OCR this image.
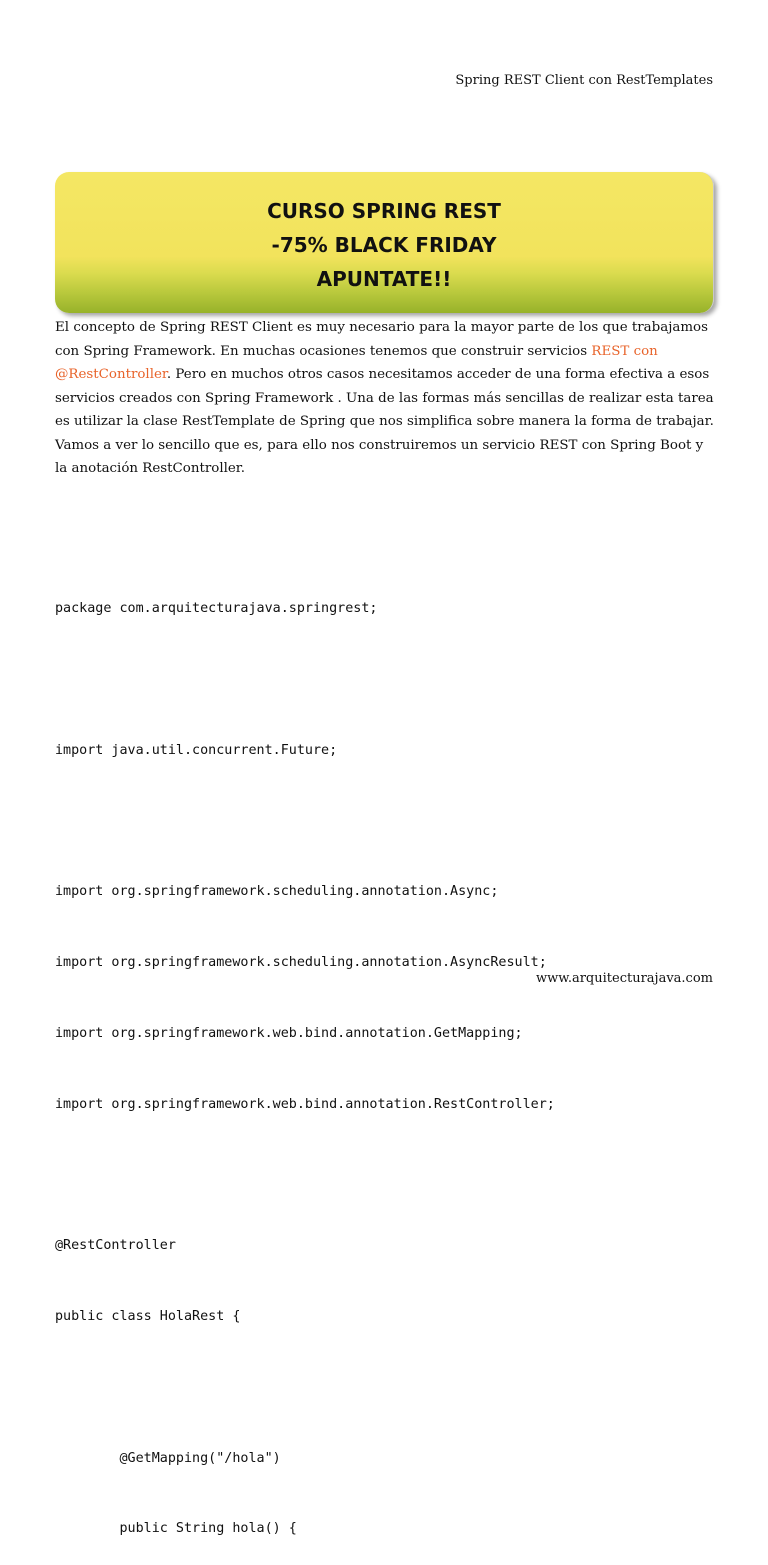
Spring REST Client con RestTemplates
CURSO SPRING REST
-75% BLACK FRIDAY
APUNTATE!!

El concepto de Spring REST Client es muy necesario para la mayor parte de los que trabajamos con Spring Framework. En muchas ocasiones tenemos que construir servicios REST con @RestController. Pero en muchos otros casos necesitamos acceder de una forma efectiva a esos servicios creados con Spring Framework . Una de las formas más sencillas de realizar esta tarea es utilizar la clase RestTemplate de Spring que nos simplifica sobre manera la forma de trabajar. Vamos a ver lo sencillo que es, para ello nos construiremos un servicio REST con Spring Boot y la anotación RestController.

package com.arquitecturajava.springrest;

import java.util.concurrent.Future;

import org.springframework.scheduling.annotation.Async;

import org.springframework.scheduling.annotation.AsyncResult;

import org.springframework.web.bind.annotation.GetMapping;

import org.springframework.web.bind.annotation.RestController;

@RestController

public class HolaRest {

@GetMapping("/hola")

public String hola() {

www.arquitecturajava.com
